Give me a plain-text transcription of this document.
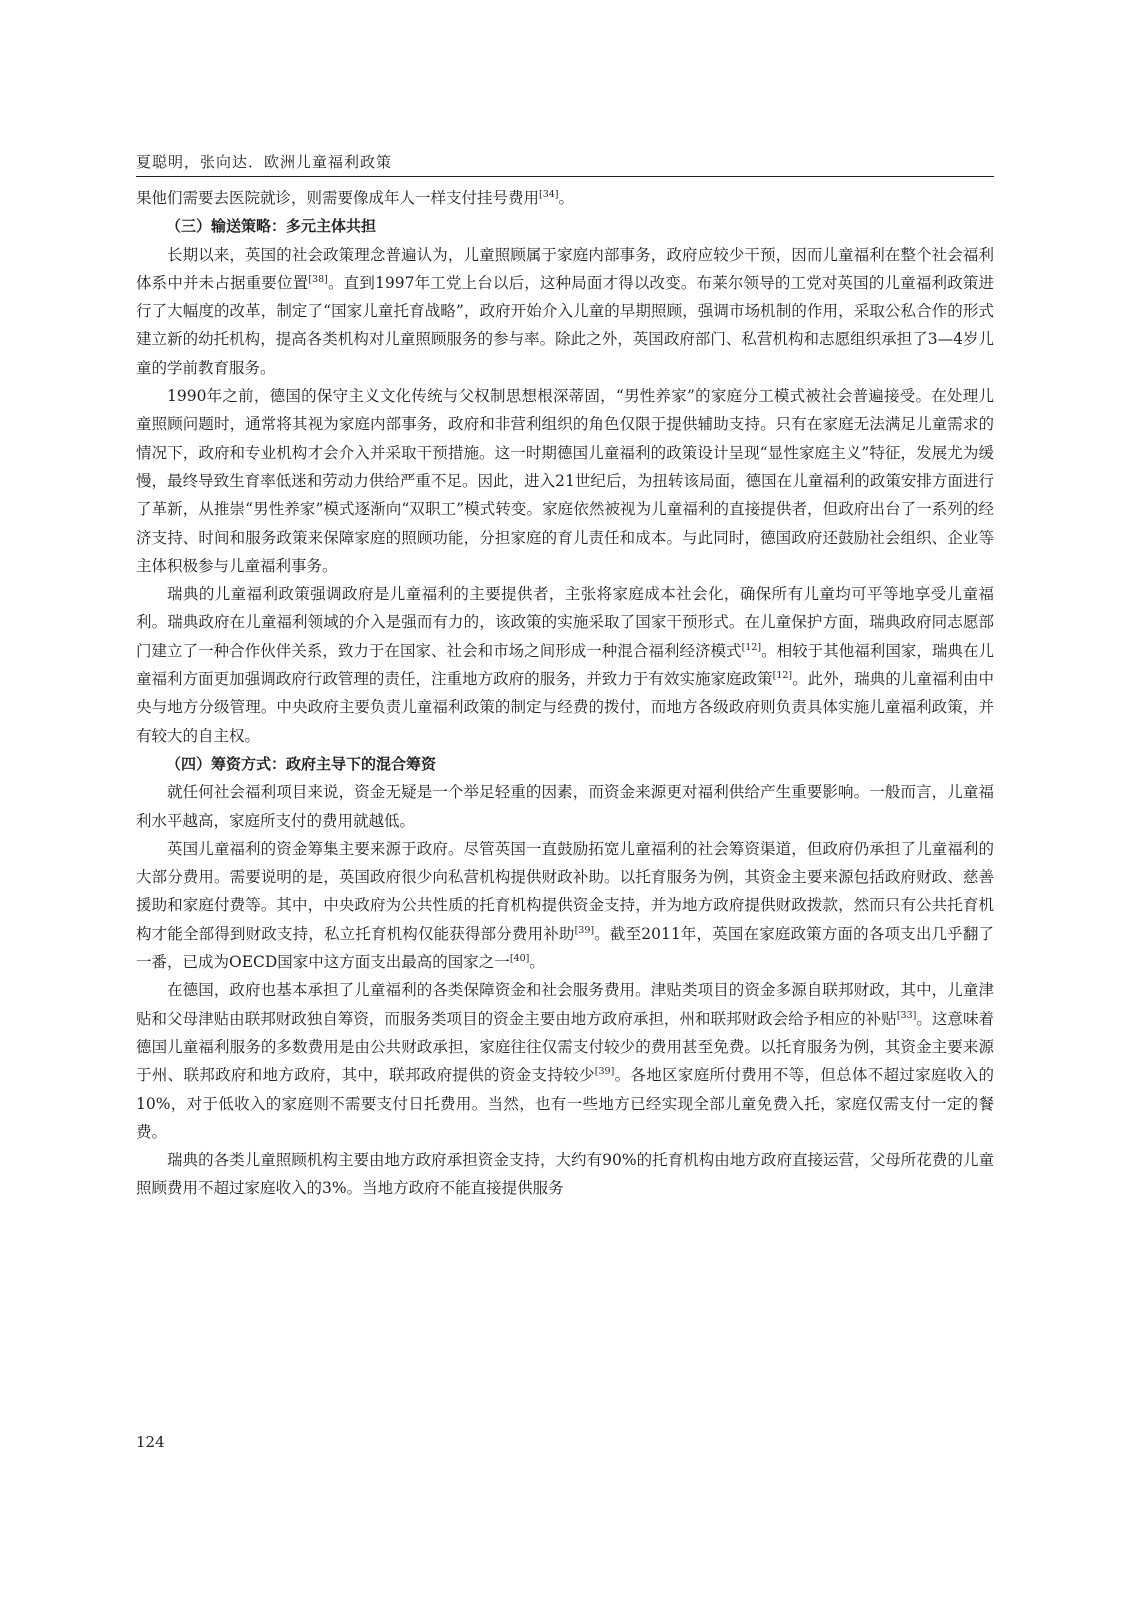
夏聪明，张向达．欧洲儿童福利政策

果他们需要去医院就诊，则需要像成年人一样支付挂号费用[34]。

（三）输送策略：多元主体共担

长期以来，英国的社会政策理念普遍认为，儿童照顾属于家庭内部事务，政府应较少干预，因而儿童福利在整个社会福利体系中并未占据重要位置[38]。直到1997年工党上台以后，这种局面才得以改变。布莱尔领导的工党对英国的儿童福利政策进行了大幅度的改革，制定了“国家儿童托育战略”，政府开始介入儿童的早期照顾，强调市场机制的作用，采取公私合作的形式建立新的幼托机构，提高各类机构对儿童照顾服务的参与率。除此之外，英国政府部门、私营机构和志愿组织承担了3—4岁儿童的学前教育服务。

1990年之前，德国的保守主义文化传统与父权制思想根深蒂固，“男性养家”的家庭分工模式被社会普遍接受。在处理儿童照顾问题时，通常将其视为家庭内部事务，政府和非营利组织的角色仅限于提供辅助支持。只有在家庭无法满足儿童需求的情况下，政府和专业机构才会介入并采取干预措施。这一时期德国儿童福利的政策设计呈现“显性家庭主义”特征，发展尤为缓慢，最终导致生育率低迷和劳动力供给严重不足。因此，进入21世纪后，为扭转该局面，德国在儿童福利的政策安排方面进行了革新，从推崇“男性养家”模式逐渐向“双职工”模式转变。家庭依然被视为儿童福利的直接提供者，但政府出台了一系列的经济支持、时间和服务政策来保障家庭的照顾功能，分担家庭的育儿责任和成本。与此同时，德国政府还鼓励社会组织、企业等主体积极参与儿童福利事务。

瑞典的儿童福利政策强调政府是儿童福利的主要提供者，主张将家庭成本社会化，确保所有儿童均可平等地享受儿童福利。瑞典政府在儿童福利领域的介入是强而有力的，该政策的实施采取了国家干预形式。在儿童保护方面，瑞典政府同志愿部门建立了一种合作伙伴关系，致力于在国家、社会和市场之间形成一种混合福利经济模式[12]。相较于其他福利国家，瑞典在儿童福利方面更加强调政府行政管理的责任，注重地方政府的服务，并致力于有效实施家庭政策[12]。此外，瑞典的儿童福利由中央与地方分级管理。中央政府主要负责儿童福利政策的制定与经费的拨付，而地方各级政府则负责具体实施儿童福利政策，并有较大的自主权。

（四）筹资方式：政府主导下的混合筹资

就任何社会福利项目来说，资金无疑是一个举足轻重的因素，而资金来源更对福利供给产生重要影响。一般而言，儿童福利水平越高，家庭所支付的费用就越低。

英国儿童福利的资金筹集主要来源于政府。尽管英国一直鼓励拓宽儿童福利的社会筹资渠道，但政府仍承担了儿童福利的大部分费用。需要说明的是，英国政府很少向私营机构提供财政补助。以托育服务为例，其资金主要来源包括政府财政、慈善援助和家庭付费等。其中，中央政府为公共性质的托育机构提供资金支持，并为地方政府提供财政拨款，然而只有公共托育机构才能全部得到财政支持，私立托育机构仅能获得部分费用补助[39]。截至2011年，英国在家庭政策方面的各项支出几乎翻了一番，已成为OECD国家中这方面支出最高的国家之一[40]。

在德国，政府也基本承担了儿童福利的各类保障资金和社会服务费用。津贴类项目的资金多源自联邦财政，其中，儿童津贴和父母津贴由联邦财政独自筹资，而服务类项目的资金主要由地方政府承担，州和联邦财政会给予相应的补贴[33]。这意味着德国儿童福利服务的多数费用是由公共财政承担，家庭往往仅需支付较少的费用甚至免费。以托育服务为例，其资金主要来源于州、联邦政府和地方政府，其中，联邦政府提供的资金支持较少[39]。各地区家庭所付费用不等，但总体不超过家庭收入的10%，对于低收入的家庭则不需要支付日托费用。当然，也有一些地方已经实现全部儿童免费入托，家庭仅需支付一定的餐费。

瑞典的各类儿童照顾机构主要由地方政府承担资金支持，大约有90%的托育机构由地方政府直接运营，父母所花费的儿童照顾费用不超过家庭收入的3%。当地方政府不能直接提供服务

124
